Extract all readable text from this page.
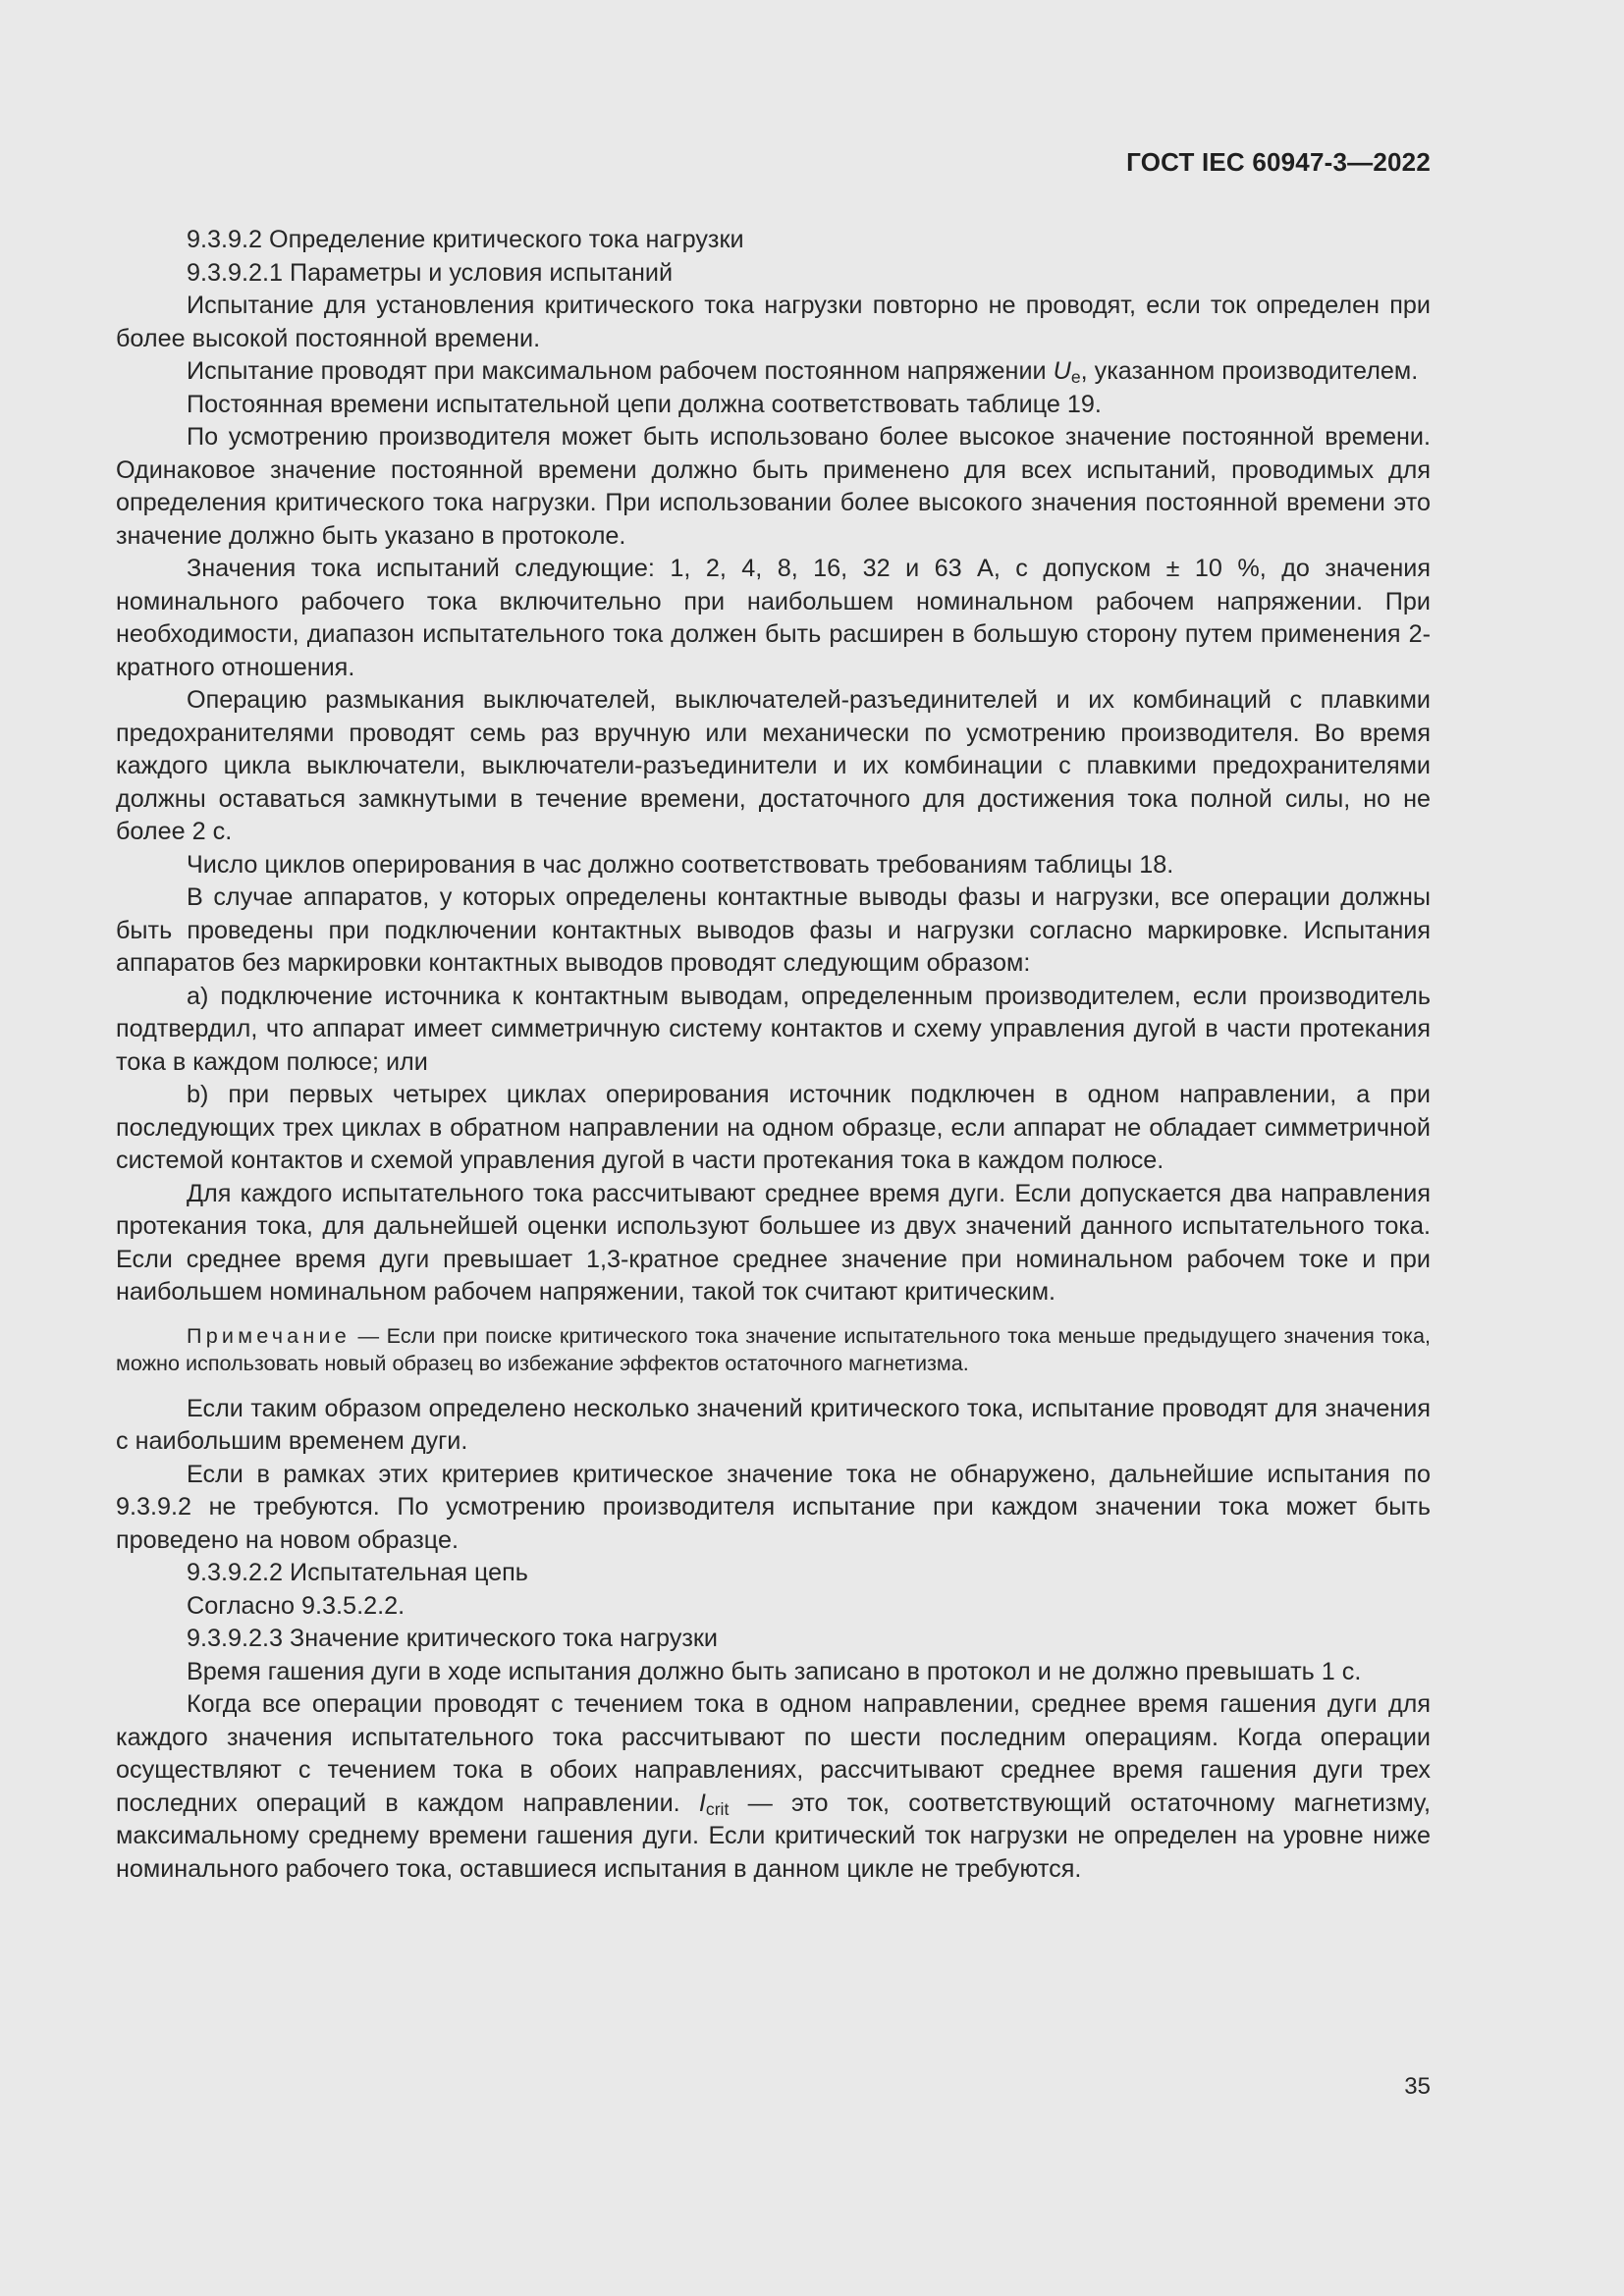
ГОСТ IEC 60947-3—2022

9.3.9.2 Определение критического тока нагрузки

9.3.9.2.1 Параметры и условия испытаний

Испытание для установления критического тока нагрузки повторно не проводят, если ток определен при более высокой постоянной времени.

Испытание проводят при максимальном рабочем постоянном напряжении $U_e$, указанном производителем.

Постоянная времени испытательной цепи должна соответствовать таблице 19.

По усмотрению производителя может быть использовано более высокое значение постоянной времени. Одинаковое значение постоянной времени должно быть применено для всех испытаний, проводимых для определения критического тока нагрузки. При использовании более высокого значения постоянной времени это значение должно быть указано в протоколе.

Значения тока испытаний следующие: 1, 2, 4, 8, 16, 32 и 63 А, с допуском ± 10 %, до значения номинального рабочего тока включительно при наибольшем номинальном рабочем напряжении. При необходимости, диапазон испытательного тока должен быть расширен в большую сторону путем применения 2-кратного отношения.

Операцию размыкания выключателей, выключателей-разъединителей и их комбинаций с плавкими предохранителями проводят семь раз вручную или механически по усмотрению производителя. Во время каждого цикла выключатели, выключатели-разъединители и их комбинации с плавкими предохранителями должны оставаться замкнутыми в течение времени, достаточного для достижения тока полной силы, но не более 2 с.

Число циклов оперирования в час должно соответствовать требованиям таблицы 18.

В случае аппаратов, у которых определены контактные выводы фазы и нагрузки, все операции должны быть проведены при подключении контактных выводов фазы и нагрузки согласно маркировке. Испытания аппаратов без маркировки контактных выводов проводят следующим образом:

a) подключение источника к контактным выводам, определенным производителем, если производитель подтвердил, что аппарат имеет симметричную систему контактов и схему управления дугой в части протекания тока в каждом полюсе; или

b) при первых четырех циклах оперирования источник подключен в одном направлении, а при последующих трех циклах в обратном направлении на одном образце, если аппарат не обладает симметричной системой контактов и схемой управления дугой в части протекания тока в каждом полюсе.

Для каждого испытательного тока рассчитывают среднее время дуги. Если допускается два направления протекания тока, для дальнейшей оценки используют большее из двух значений данного испытательного тока. Если среднее время дуги превышает 1,3-кратное среднее значение при номинальном рабочем токе и при наибольшем номинальном рабочем напряжении, такой ток считают критическим.

Примечание — Если при поиске критического тока значение испытательного тока меньше предыдущего значения тока, можно использовать новый образец во избежание эффектов остаточного магнетизма.

Если таким образом определено несколько значений критического тока, испытание проводят для значения с наибольшим временем дуги.

Если в рамках этих критериев критическое значение тока не обнаружено, дальнейшие испытания по 9.3.9.2 не требуются. По усмотрению производителя испытание при каждом значении тока может быть проведено на новом образце.

9.3.9.2.2 Испытательная цепь

Согласно 9.3.5.2.2.

9.3.9.2.3 Значение критического тока нагрузки

Время гашения дуги в ходе испытания должно быть записано в протокол и не должно превышать 1 с.

Когда все операции проводят с течением тока в одном направлении, среднее время гашения дуги для каждого значения испытательного тока рассчитывают по шести последним операциям. Когда операции осуществляют с течением тока в обоих направлениях, рассчитывают среднее время гашения дуги трех последних операций в каждом направлении. $I_{crit}$ — это ток, соответствующий остаточному магнетизму, максимальному среднему времени гашения дуги. Если критический ток нагрузки не определен на уровне ниже номинального рабочего тока, оставшиеся испытания в данном цикле не требуются.

35
